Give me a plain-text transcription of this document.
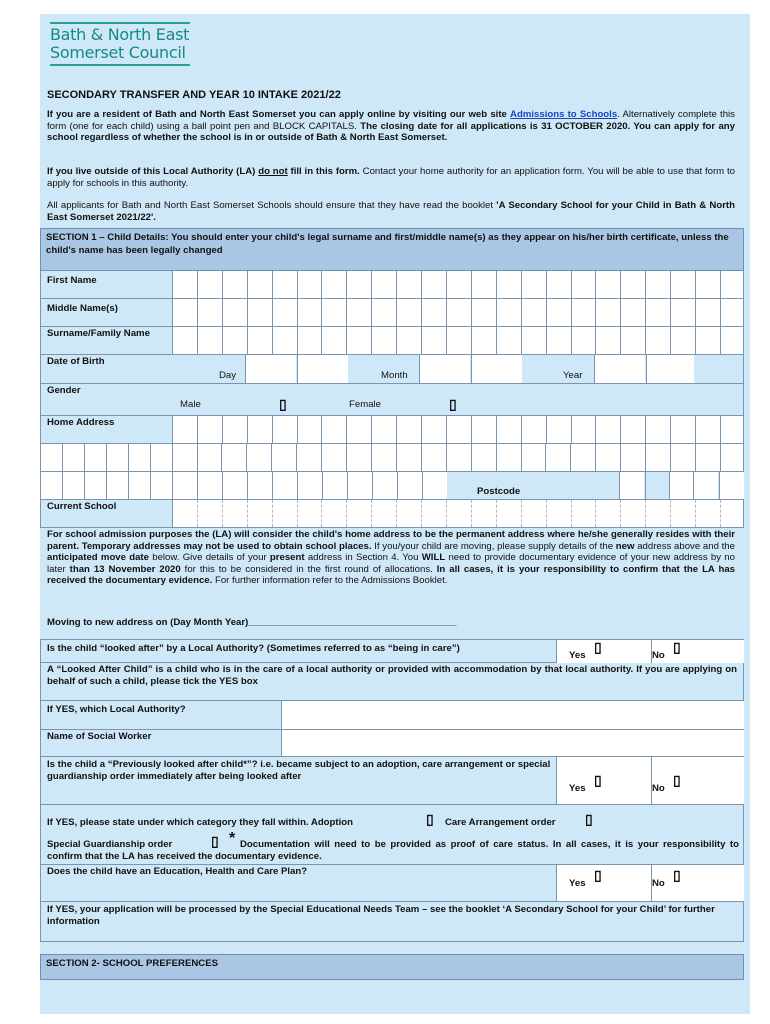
Bath & North East
Somerset Council
SECONDARY TRANSFER AND YEAR 10 INTAKE 2021/22
If you are a resident of Bath and North East Somerset you can apply online by visiting our web site Admissions to Schools. Alternatively complete this form (one for each child) using a ball point pen and BLOCK CAPITALS. The closing date for all applications is 31 OCTOBER 2020. You can apply for any school regardless of whether the school is in or outside of Bath & North East Somerset.
If you live outside of this Local Authority (LA) do not fill in this form. Contact your home authority for an application form. You will be able to use that form to apply for schools in this authority.
All applicants for Bath and North East Somerset Schools should ensure that they have read the booklet 'A Secondary School for your Child in Bath & North East Somerset 2021/22'.
SECTION 1 – Child Details: You should enter your child's legal surname and first/middle name(s) as they appear on his/her birth certificate, unless the child's name has been legally changed
First Name
Middle Name(s)
Surname/Family Name
Date of Birth
Day	Month	Year
Gender
Male	▯	Female	▯
Home Address
Postcode
Current School
For school admission purposes the (LA) will consider the child's home address to be the permanent address where he/she generally resides with their parent. Temporary addresses may not be used to obtain school places. If you/your child are moving, please supply details of the new address above and the anticipated move date below. Give details of your present address in Section 4. You WILL need to provide documentary evidence of your new address by no later than 13 November 2020 for this to be considered in the first round of allocations. In all cases, it is your responsibility to confirm that the LA has received the documentary evidence. For further information refer to the Admissions Booklet.
Moving to new address on (Day Month Year)_______________________________________
Is the child “looked after” by a Local Authority? (Sometimes referred to as “being in care”)
Yes
▯
No
▯
A “Looked After Child” is a child who is in the care of a local authority or provided with accommodation by that local authority. If you are applying on behalf of such a child, please tick the YES box
If YES, which Local Authority?
Name of Social Worker
Is the child a “Previously looked after child*”? i.e. became subject to an adoption, care arrangement or special guardianship order immediately after being looked after
Yes
▯
No
▯
If YES, please state under which category they fall within. Adoption	▯ Care Arrangement order ▯
Special Guardianship order	▯ * Documentation will need to be provided as proof of care status. In all cases, it is your responsibility to confirm that the LA has received the documentary evidence.
Does the child have an Education, Health and Care Plan?
Yes
▯
No
▯
If YES, your application will be processed by the Special Educational Needs Team – see the booklet ‘A Secondary School for your Child’ for further information
SECTION 2- SCHOOL PREFERENCES
